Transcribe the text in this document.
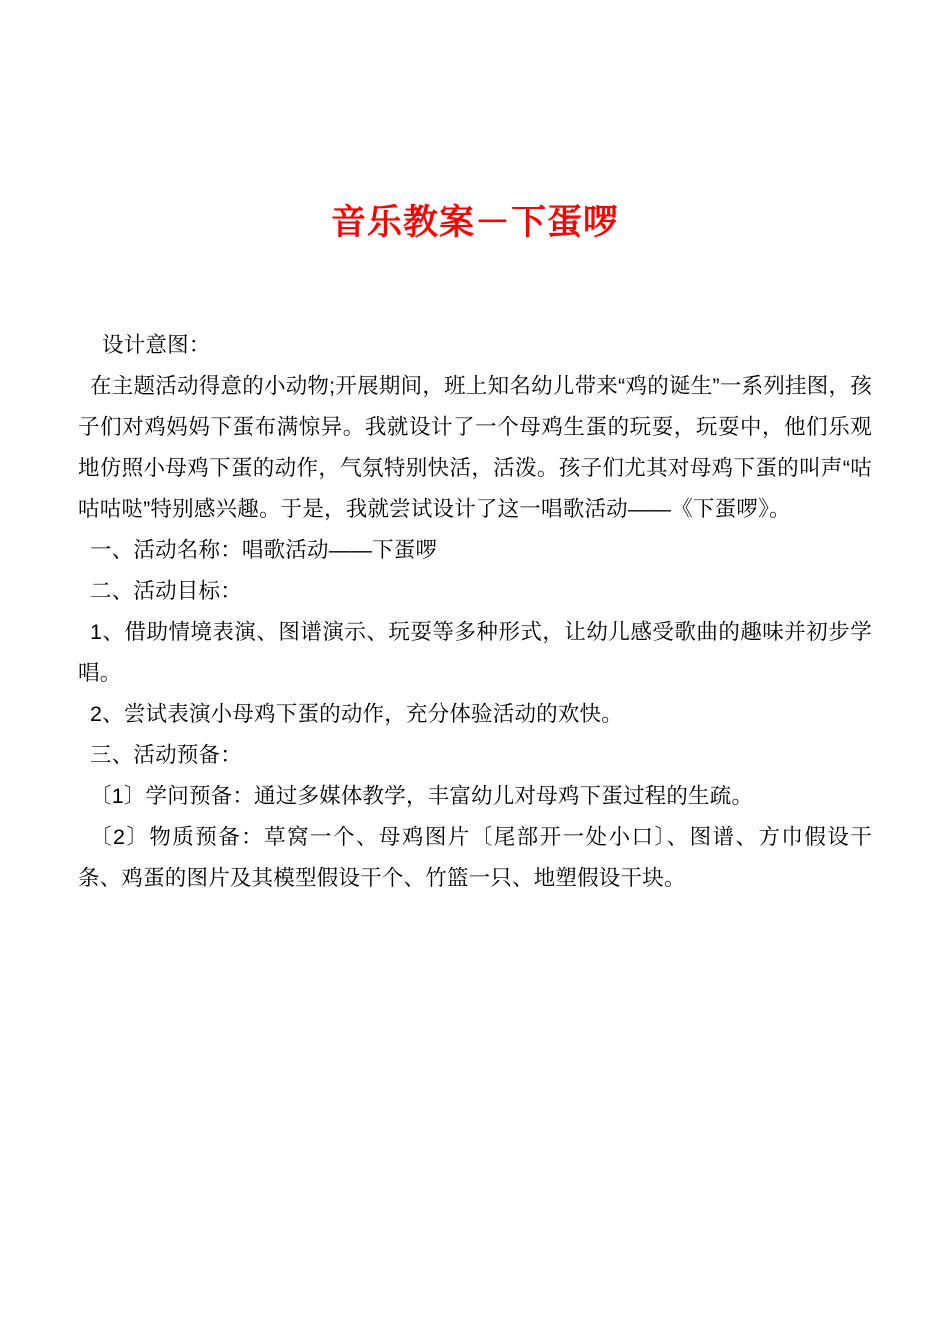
音乐教案－下蛋啰

设计意图：

在主题活动得意的小动物;开展期间，班上知名幼儿带来“鸡的诞生”一系列挂图，孩子们对鸡妈妈下蛋布满惊异。我就设计了一个母鸡生蛋的玩耍，玩耍中，他们乐观地仿照小母鸡下蛋的动作，气氛特别快活，活泼。孩子们尤其对母鸡下蛋的叫声“咕咕咕哒”特别感兴趣。于是，我就尝试设计了这一唱歌活动——《下蛋啰》。

一、活动名称：唱歌活动——下蛋啰

二、活动目标：

1、借助情境表演、图谱演示、玩耍等多种形式，让幼儿感受歌曲的趣味并初步学唱。

2、尝试表演小母鸡下蛋的动作，充分体验活动的欢快。

三、活动预备：

〔1〕学问预备：通过多媒体教学，丰富幼儿对母鸡下蛋过程的生疏。

〔2〕物质预备：草窝一个、母鸡图片〔尾部开一处小口〕、图谱、方巾假设干条、鸡蛋的图片及其模型假设干个、竹篮一只、地塑假设干块。
